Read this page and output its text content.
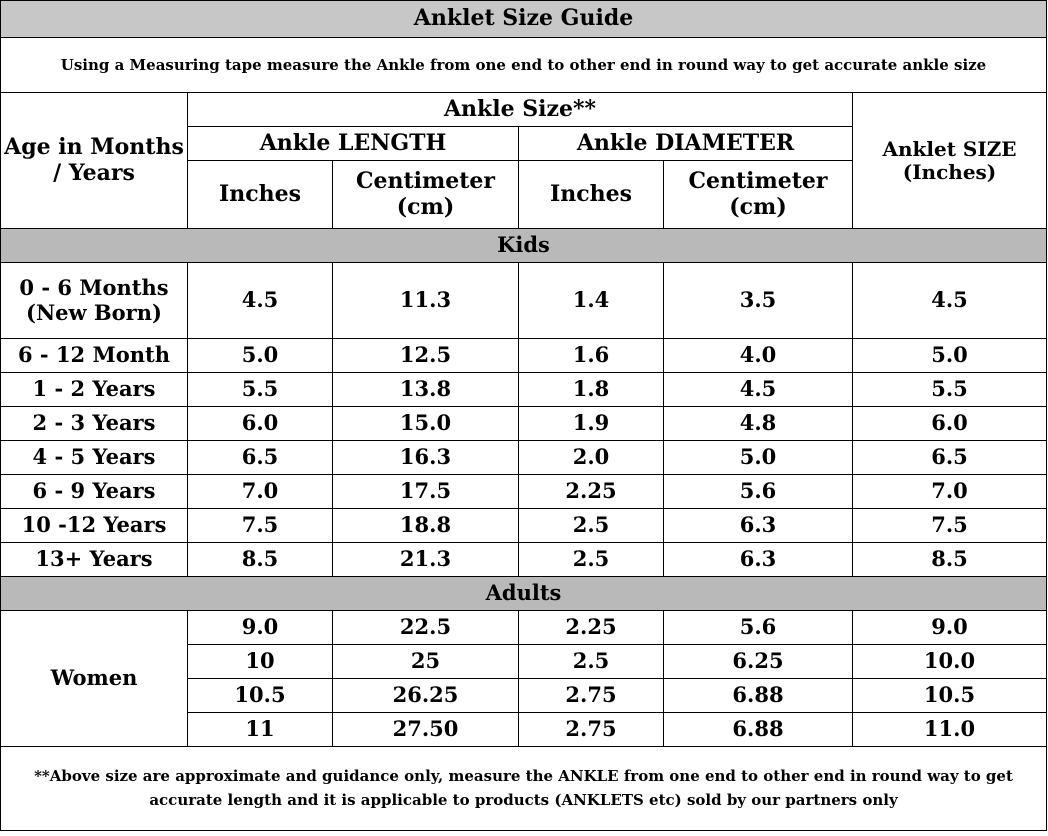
Anklet Size Guide					
Using a Measuring tape measure the Ankle from one end to other end in round way to get accurate ankle size					
Age in Months / Years	Ankle Size**				Anklet SIZE (Inches)
	Ankle LENGTH		Ankle DIAMETER		
	Inches	Centimeter (cm)	Inches	Centimeter (cm)	
Kids					
0 - 6 Months (New Born)	4.5	11.3	1.4	3.5	4.5
6 - 12 Month	5.0	12.5	1.6	4.0	5.0
1 - 2 Years	5.5	13.8	1.8	4.5	5.5
2 - 3 Years	6.0	15.0	1.9	4.8	6.0
4 - 5 Years	6.5	16.3	2.0	5.0	6.5
6 - 9 Years	7.0	17.5	2.25	5.6	7.0
10 -12 Years	7.5	18.8	2.5	6.3	7.5
13+ Years	8.5	21.3	2.5	6.3	8.5
Adults					
Women	9.0	22.5	2.25	5.6	9.0
	10	25	2.5	6.25	10.0
	10.5	26.25	2.75	6.88	10.5
	11	27.50	2.75	6.88	11.0
**Above size are approximate and guidance only, measure the ANKLE from one end to other end in round way to get accurate length and it is applicable to products (ANKLETS etc) sold by our partners only					
